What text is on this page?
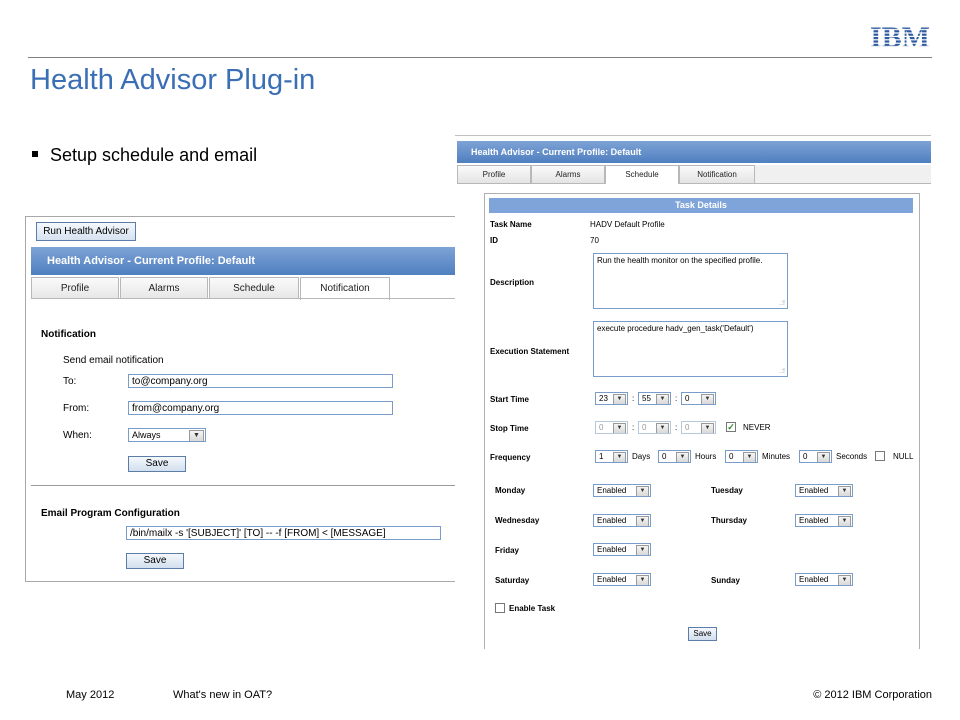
IBM
Health Advisor Plug-in
Setup schedule and email
Run Health Advisor
Health Advisor - Current Profile: Default
Profile	Alarms	Schedule	Notification
Notification
Send email notification
To:	to@company.org
From:	from@company.org
When:	Always	▼
Save
Email Program Configuration
/bin/mailx -s '[SUBJECT]' [TO] -- -f [FROM] < [MESSAGE]
Save
Health Advisor - Current Profile: Default
Profile	Alarms	Schedule	Notification
Task Details
Task Name	HADV Default Profile
ID	70
Description
Run the health monitor on the specified profile.
.:!
Execution Statement
execute procedure hadv_gen_task('Default')
.:!
Start Time	23	▼	: 55	▼	: 0	▼
Stop Time	0	▼	: 0	▼	: 0	▼	✓ NEVER
Frequency	1	▼	Days	0	▼	Hours	0	▼	Minutes	0	▼	Seconds	NULL
Monday	Enabled	▼	Tuesday	Enabled	▼
Wednesday	Enabled	▼	Thursday	Enabled	▼
Friday	Enabled	▼
Saturday	Enabled	▼	Sunday	Enabled	▼
Enable Task
Save
May 2012	What's new in OAT?	© 2012 IBM Corporation
